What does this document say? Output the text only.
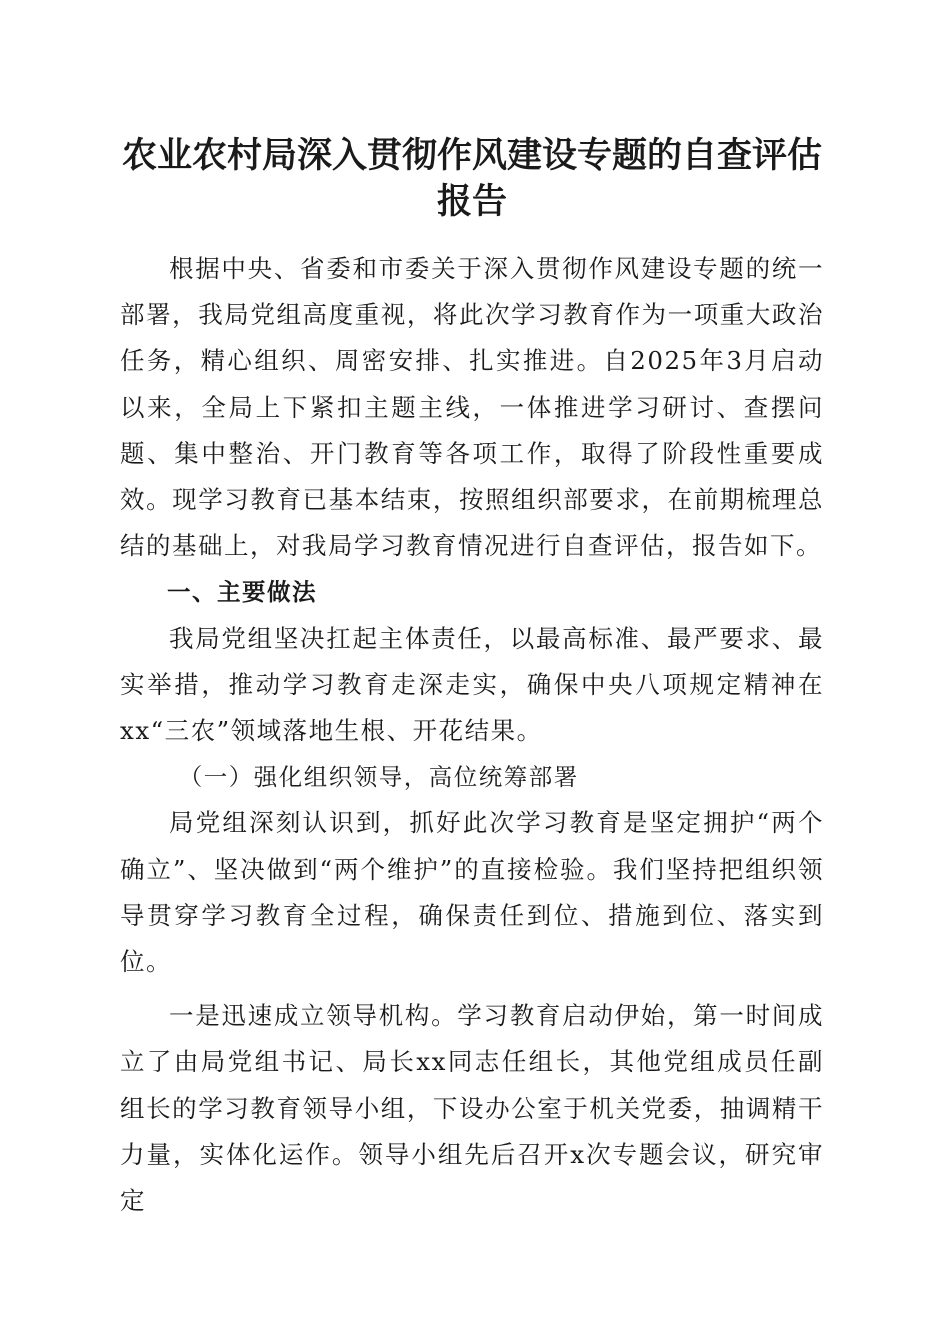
农业农村局深入贯彻作风建设专题的自查评估
报告

根据中央、省委和市委关于深入贯彻作风建设专题的统一部署，我局党组高度重视，将此次学习教育作为一项重大政治任务，精心组织、周密安排、扎实推进。自2025年3月启动以来，全局上下紧扣主题主线，一体推进学习研讨、查摆问题、集中整治、开门教育等各项工作，取得了阶段性重要成效。现学习教育已基本结束，按照组织部要求，在前期梳理总结的基础上，对我局学习教育情况进行自查评估，报告如下。

一、主要做法

我局党组坚决扛起主体责任，以最高标准、最严要求、最实举措，推动学习教育走深走实，确保中央八项规定精神在xx“三农”领域落地生根、开花结果。

（一）强化组织领导，高位统筹部署

局党组深刻认识到，抓好此次学习教育是坚定拥护“两个确立”、坚决做到“两个维护”的直接检验。我们坚持把组织领导贯穿学习教育全过程，确保责任到位、措施到位、落实到位。

一是迅速成立领导机构。学习教育启动伊始，第一时间成立了由局党组书记、局长xx同志任组长，其他党组成员任副组长的学习教育领导小组，下设办公室于机关党委，抽调精干力量，实体化运作。领导小组先后召开x次专题会议，研究审定
